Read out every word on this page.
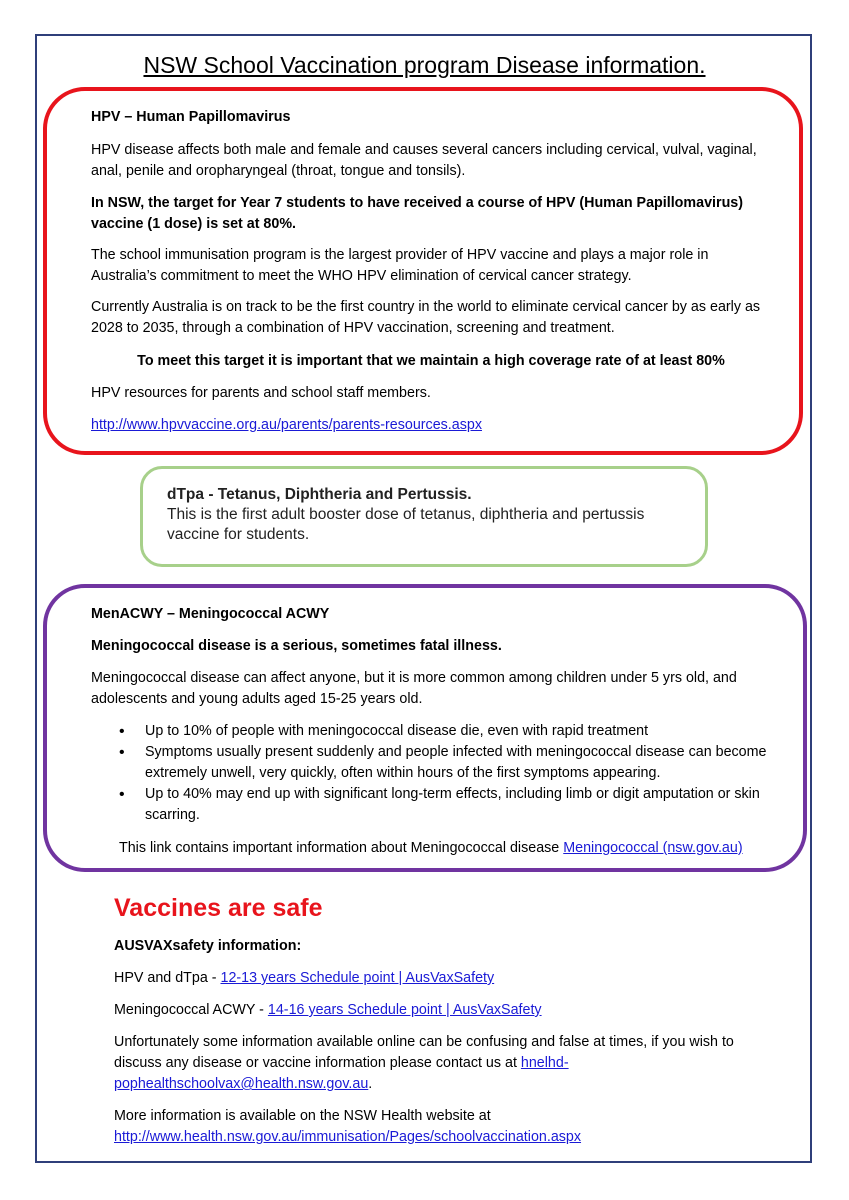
NSW School Vaccination program Disease information.

HPV – Human Papillomavirus

HPV disease affects both male and female and causes several cancers including cervical, vulval, vaginal, anal, penile and oropharyngeal (throat, tongue and tonsils).

In NSW, the target for Year 7 students to have received a course of HPV (Human Papillomavirus) vaccine (1 dose) is set at 80%.

The school immunisation program is the largest provider of HPV vaccine and plays a major role in Australia’s commitment to meet the WHO HPV elimination of cervical cancer strategy.

Currently Australia is on track to be the first country in the world to eliminate cervical cancer by as early as 2028 to 2035, through a combination of HPV vaccination, screening and treatment.

To meet this target it is important that we maintain a high coverage rate of at least 80%

HPV resources for parents and school staff members.

http://www.hpvvaccine.org.au/parents/parents-resources.aspx

dTpa - Tetanus, Diphtheria and Pertussis.
This is the first adult booster dose of tetanus, diphtheria and pertussis vaccine for students.

MenACWY – Meningococcal ACWY

Meningococcal disease is a serious, sometimes fatal illness.

Meningococcal disease can affect anyone, but it is more common among children under 5 yrs old, and adolescents and young adults aged 15-25 years old.

• Up to 10% of people with meningococcal disease die, even with rapid treatment
• Symptoms usually present suddenly and people infected with meningococcal disease can become extremely unwell, very quickly, often within hours of the first symptoms appearing.
• Up to 40% may end up with significant long-term effects, including limb or digit amputation or skin scarring.

This link contains important information about Meningococcal disease Meningococcal (nsw.gov.au)

Vaccines are safe

AUSVAXsafety information:

HPV and dTpa - 12-13 years Schedule point | AusVaxSafety

Meningococcal ACWY - 14-16 years Schedule point | AusVaxSafety

Unfortunately some information available online can be confusing and false at times, if you wish to discuss any disease or vaccine information please contact us at hnelhd-pophealthschoolvax@health.nsw.gov.au.

More information is available on the NSW Health website at

http://www.health.nsw.gov.au/immunisation/Pages/schoolvaccination.aspx
